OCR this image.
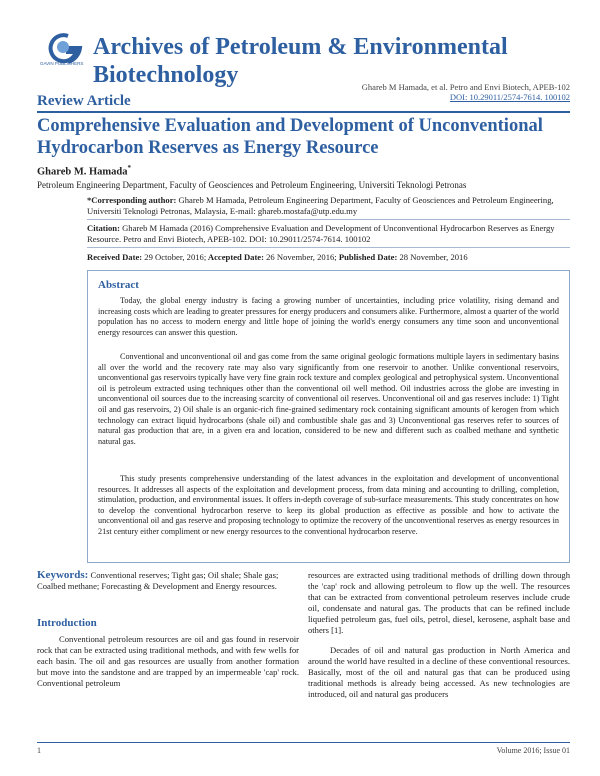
GAVIN PUBLISHERS
Archives of Petroleum & Environmental Biotechnology	Ghareb M Hamada, et al. Petro and Envi Biotech, APEB-102
DOI: 10.29011/2574-7614. 100102
Review Article
Comprehensive Evaluation and Development of Unconventional Hydrocarbon Reserves as Energy Resource
Ghareb M. Hamada*
Petroleum Engineering Department, Faculty of Geosciences and Petroleum Engineering, Universiti Teknologi Petronas
*Corresponding author: Ghareb M Hamada, Petroleum Engineering Department, Faculty of Geosciences and Petroleum Engineering, Universiti Teknologi Petronas, Malaysia, E-mail: ghareb.mostafa@utp.edu.my
Citation: Ghareb M Hamada (2016) Comprehensive Evaluation and Development of Unconventional Hydrocarbon Reserves as Energy Resource. Petro and Envi Biotech, APEB-102. DOI: 10.29011/2574-7614. 100102
Received Date: 29 October, 2016; Accepted Date: 26 November, 2016; Published Date: 28 November, 2016
Abstract
Today, the global energy industry is facing a growing number of uncertainties, including price volatility, rising demand and increasing costs which are leading to greater pressures for energy producers and consumers alike. Furthermore, almost a quarter of the world population has no access to modern energy and little hope of joining the world's energy consumers any time soon and unconventional energy resources can answer this question.
Conventional and unconventional oil and gas come from the same original geologic formations multiple layers in sedimentary basins all over the world and the recovery rate may also vary significantly from one reservoir to another. Unlike conventional reservoirs, unconventional gas reservoirs typically have very fine grain rock texture and complex geological and petrophysical system. Unconventional oil is petroleum extracted using techniques other than the conventional oil well method. Oil industries across the globe are investing in unconventional oil sources due to the increasing scarcity of conventional oil reserves. Unconventional oil and gas reserves include: 1) Tight oil and gas reservoirs, 2) Oil shale is an organic-rich fine-grained sedimentary rock containing significant amounts of kerogen from which technology can extract liquid hydrocarbons (shale oil) and combustible shale gas and 3) Unconventional gas reserves refer to sources of natural gas production that are, in a given era and location, considered to be new and different such as coalbed methane and synthetic natural gas.
This study presents comprehensive understanding of the latest advances in the exploitation and development of unconventional resources. It addresses all aspects of the exploitation and development process, from data mining and accounting to drilling, completion, stimulation, production, and environmental issues. It offers in-depth coverage of sub-surface measurements. This study concentrates on how to develop the conventional hydrocarbon reserve to keep its global production as effective as possible and how to activate the unconventional oil and gas reserve and proposing technology to optimize the recovery of the unconventional reserves as energy resources in 21st century either compliment or new energy resources to the conventional hydrocarbon reserve.
Keywords: Conventional reserves; Tight gas; Oil shale; Shale gas; Coalbed methane; Forecasting & Development and Energy resources.
Introduction

Conventional petroleum resources are oil and gas found in reservoir rock that can be extracted using traditional methods, and with few wells for each basin. The oil and gas resources are usually from another formation but move into the sandstone and are trapped by an impermeable 'cap' rock. Conventional petroleum

resources are extracted using traditional methods of drilling down through the 'cap' rock and allowing petroleum to flow up the well. The resources that can be extracted from conventional petroleum reserves include crude oil, condensate and natural gas. The products that can be refined include liquefied petroleum gas, fuel oils, petrol, diesel, kerosene, asphalt base and others [1].

Decades of oil and natural gas production in North America and around the world have resulted in a decline of these conventional resources. Basically, most of the oil and natural gas that can be produced using traditional methods is already being accessed. As new technologies are introduced, oil and natural gas producers

1	Volume 2016; Issue 01
